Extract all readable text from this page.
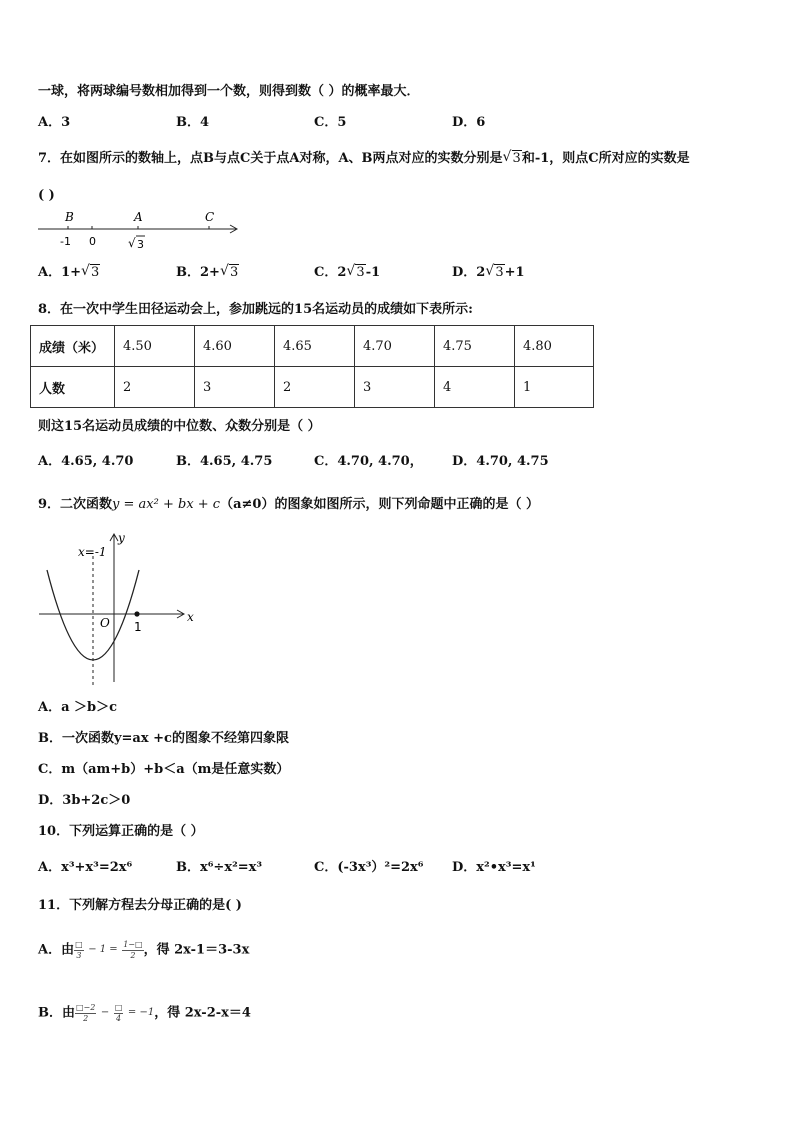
一球，将两球编号数相加得到一个数，则得到数（ ）的概率最大．
A．3	B．4	C．5	D．6
7．在如图所示的数轴上，点B与点C关于点A对称，A、B两点对应的实数分别是 √ 3和-1，则点C所对应的实数是
( )
B	A	C
-1 0	√ 3
A．1+ √ 3	B．2+ √ 3	C．2 √ 3-1	D．2 √ 3+1
8．在一次中学生田径运动会上，参加跳远的15名运动员的成绩如下表所示:
成绩（米）	4.50	4.60	4.65	4.70	4.75	4.80
人数	2	3	2	3	4	1
则这15名运动员成绩的中位数、众数分别是（ ）
A．4.65, 4.70	B．4.65, 4.75	C．4.70, 4.70， D．4.70, 4.75
9．二次函数y = ax² + bx + c（a≠0）的图象如图所示，则下列命题中正确的是（ ）
x=-1
y
x
O 1
A．a ＞b＞c
B．一次函数y=ax +c的图象不经第四象限
C．m（am+b）+b＜a（m是任意实数）
D．3b+2c＞0
10．下列运算正确的是（ ）
A．x³+x³=2x⁶	B．x⁶÷x²=x³	C．(-3x³）²=2x⁶ D．x²•x³=x¹
11．下列解方程去分母正确的是( )
A．由 $\frac{□}{3} - 1 = \frac{1-□}{2}$ ，得 2x-1＝3-3x
B．由 $\frac{□-2}{2} - \frac{□}{4} = -1$，得 2x-2-x＝4
